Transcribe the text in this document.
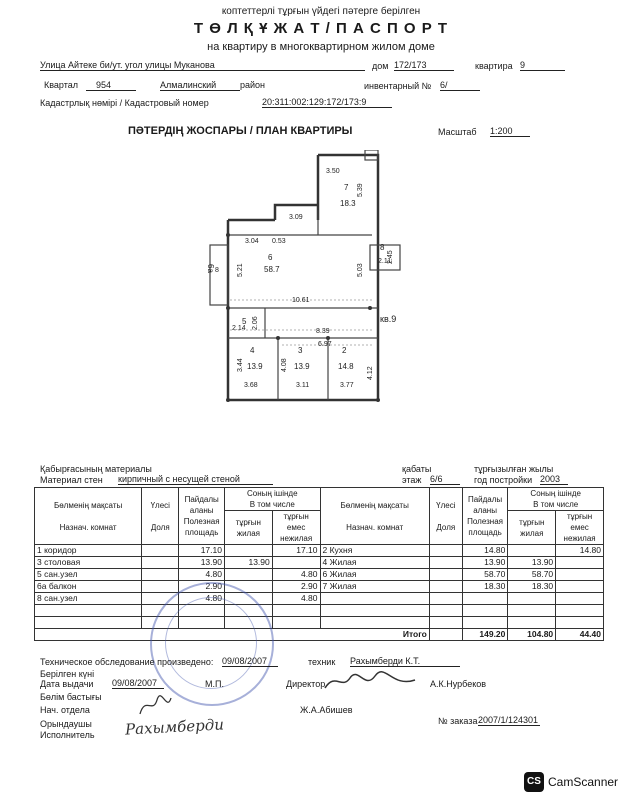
коптеттерлі тұрғын үйдегі пәтерге берілген
Т Ө Л Қ Ұ Ж А Т / П А С П О Р Т
на квартиру в многоквартирном жилом доме
Улица Айтеке би/ут. угол улицы Муканова	дом 172/173	квартира 9
Квартал	954	Алмалинский	район	инвентарный № 6/
Кадастрлық нөмірі / Кадастровый номер	20:311:002:129:172/173:9
ПӘТЕРДІҢ ЖОСПАРЫ / ПЛАН КВАРТИРЫ	Масштаб 1:200
3.50
5.39
3.09
3.04 0.53
5.21	5.03
8
2.45
2.11
10.61
2.14 2.06
8.39
6.97
3.44	4.08
4.12
3.68	3.11	3.77
7
18.3
6
58.7
8
5
4
13.9
3
13.9
2
14.8
6а
кв.9
Қабырғасының материалы
Материал стен кирпичный с несущей стеной
қабаты
этаж 6/6
тұрғызылған жылы
год постройки 2003
Бөлменің мақсаты

Назнач. комнат	Үлесі

Доля	Пайдалы
аланы
Полезная
площадь	Соның ішінде
В том числе		Бөлменің мақсаты

Назнач. комнат	Үлесі

Доля	Пайдалы
аланы
Полезная
площадь	Соның ішінде
В том числе	
			тұрғын
жилая	тұрғын емес
нежилая				тұрғын
жилая	тұрғын емес
нежилая
1 коридор		17.10		17.10	2 Кухня		14.80		14.80
3 столовая		13.90	13.90		4 Жилая		13.90	13.90	
5 сан.узел		4.80		4.80	6 Жилая		58.70	58.70	
6а балкон		2.90		2.90	7 Жилая		18.30	18.30	
8 сан.узел		4.80		4.80					

Итого							149.20	104.80	44.40
Техническое обследование произведено: 09/08/2007	техник Рахымберди К.Т.
Берілген күні
Дата выдачи 09/08/2007	М.П.	Директор	А.К.Нурбеков
Бөлім бастығы
Нач. отдела	Ж.А.Абишев
Орындаушы
Исполнитель Рахымберди	№ заказа 2007/1/124301
CS CamScanner
